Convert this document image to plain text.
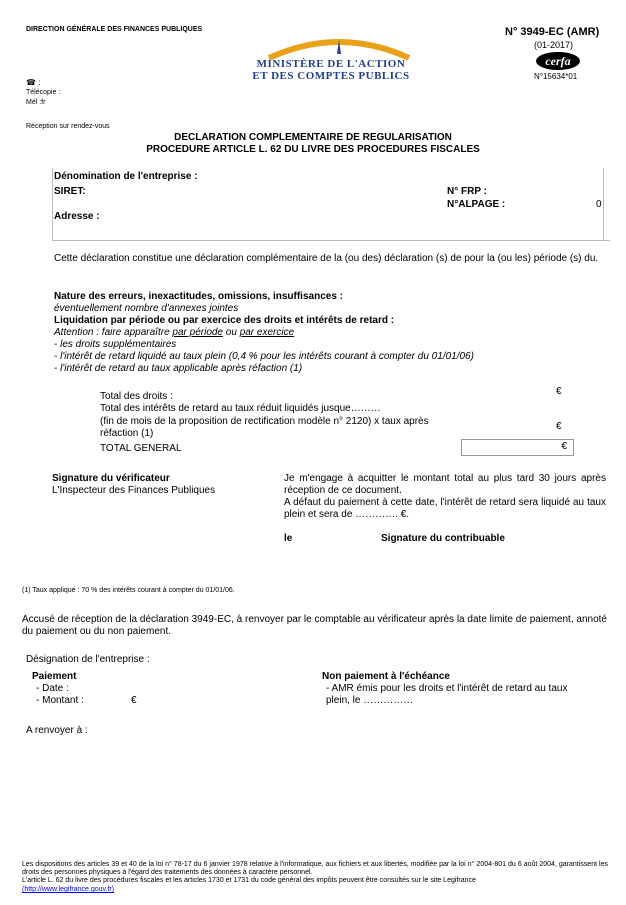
DIRECTION GÉNÉRALE DES FINANCES PUBLIQUES
MINISTÈRE DE L'ACTION
ET DES COMPTES PUBLICS
N° 3949-EC (AMR)
(01-2017)
cerfa
N°15634*01
☎ :
Télécopie :
Mél :fr
Réception sur rendez-vous
DECLARATION COMPLEMENTAIRE DE REGULARISATION
PROCEDURE ARTICLE L. 62 DU LIVRE DES PROCEDURES FISCALES
Dénomination de l'entreprise :
SIRET:	N° FRP :
N°ALPAGE :	0
Adresse :
Cette déclaration constitue une déclaration complémentaire de la (ou des) déclaration (s) de pour la (ou les) période (s) du.
Nature des erreurs, inexactitudes, omissions, insuffisances :
éventuellement nombre d'annexes jointes
Liquidation par période ou par exercice des droits et intérêts de retard :
Attention : faire apparaître par période ou par exercice
- les droits supplémentaires
- l'intérêt de retard liquidé au taux plein (0,4 % pour les intérêts courant à compter du 01/01/06)
- l'intérêt de retard au taux applicable après réfaction (1)
Total des droits :	€
Total des intérêts de retard au taux réduit liquidés jusque………
(fin de mois de la proposition de rectification modèle n° 2120) x taux après réfaction (1)
€
TOTAL GENERAL	€
Signature du vérificateur
L'Inspecteur des Finances Publiques
Je m'engage à acquitter le montant total au plus tard 30 jours après réception de ce document.
A défaut du paiement à cette date, l'intérêt de retard sera liquidé au taux plein et sera de …………. €.
le	Signature du contribuable
(1) Taux appliqué : 70 % des intérêts courant à compter du 01/01/06.
Accusé de réception de la déclaration 3949-EC, à renvoyer par le comptable au vérificateur après la date limite de paiement, annoté du paiement ou du non paiement.
Désignation de l'entreprise :
Paiement
- Date :
- Montant :	€
Non paiement à l'échéance
- AMR émis pour les droits et l'intérêt de retard au taux plein, le ……………
A renvoyer à :
Les dispositions des articles 39 et 40 de la loi n° 78-17 du 6 janvier 1978 relative à l'informatique, aux fichiers et aux libertés, modifiée par la loi n° 2004-801 du 6 août 2004, garantissent les droits des personnes physiques à l'égard des traitements des données à caractère personnel.
L'article L. 62 du livre des procédures fiscales et les articles 1730 et 1731 du code général des impôts peuvent être consultés sur le site Legifrance
(http://www.legifrance.gouv.fr)
